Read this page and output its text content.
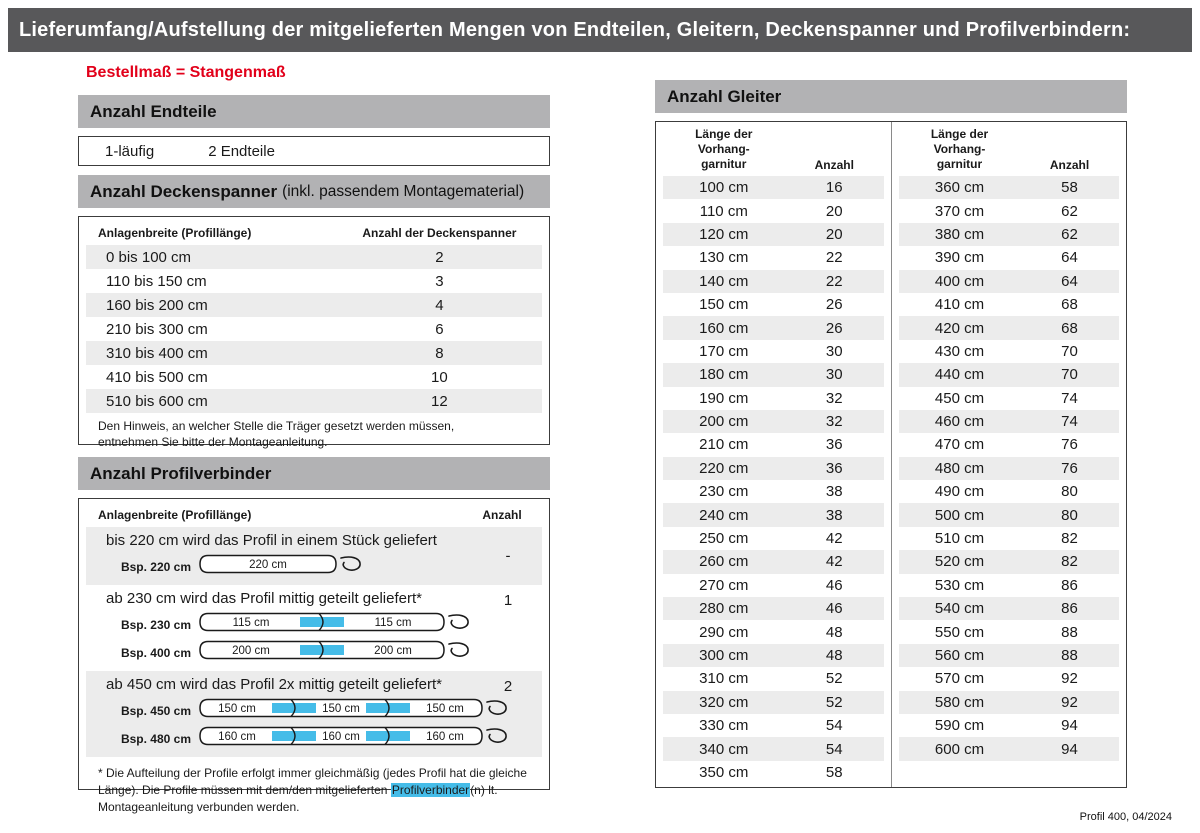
Lieferumfang/Aufstellung der mitgelieferten Mengen von Endteilen, Gleitern, Deckenspanner und Profilverbindern:
Bestellmaß = Stangenmaß
Anzahl Endteile
1-läufig	2 Endteile
Anzahl Deckenspanner (inkl. passendem Montagematerial)
Anlagenbreite (Profillänge)	Anzahl der Deckenspanner
0 bis 100 cm	2
110 bis 150 cm	3
160 bis 200 cm	4
210 bis 300 cm	6
310 bis 400 cm	8
410 bis 500 cm	10
510 bis 600 cm	12
Den Hinweis, an welcher Stelle die Träger gesetzt werden müssen, entnehmen Sie bitte der Montageanleitung.
Anzahl Profilverbinder
Anlagenbreite (Profillänge)	Anzahl
bis 220 cm wird das Profil in einem Stück geliefert
Bsp. 220 cm	220 cm
-
ab 230 cm wird das Profil mittig geteilt geliefert*
Bsp. 230 cm	115 cm	115 cm
Bsp. 400 cm	200 cm	200 cm
1
ab 450 cm wird das Profil 2x mittig geteilt geliefert*
Bsp. 450 cm	150 cm	150 cm	150 cm
Bsp. 480 cm	160 cm	160 cm	160 cm
2
* Die Aufteilung der Profile erfolgt immer gleichmäßig (jedes Profil hat die gleiche Länge). Die Profile müssen mit dem/den mitgelieferten Profilverbinder(n) lt. Montageanleitung verbunden werden.
Anzahl Gleiter
Länge der
Vorhang-
garnitur	Anzahl
100 cm	16
110 cm	20
120 cm	20
130 cm	22
140 cm	22
150 cm	26
160 cm	26
170 cm	30
180 cm	30
190 cm	32
200 cm	32
210 cm	36
220 cm	36
230 cm	38
240 cm	38
250 cm	42
260 cm	42
270 cm	46
280 cm	46
290 cm	48
300 cm	48
310 cm	52
320 cm	52
330 cm	54
340 cm	54
350 cm	58
Länge der
Vorhang-
garnitur	Anzahl
360 cm	58
370 cm	62
380 cm	62
390 cm	64
400 cm	64
410 cm	68
420 cm	68
430 cm	70
440 cm	70
450 cm	74
460 cm	74
470 cm	76
480 cm	76
490 cm	80
500 cm	80
510 cm	82
520 cm	82
530 cm	86
540 cm	86
550 cm	88
560 cm	88
570 cm	92
580 cm	92
590 cm	94
600 cm	94
Profil 400, 04/2024
